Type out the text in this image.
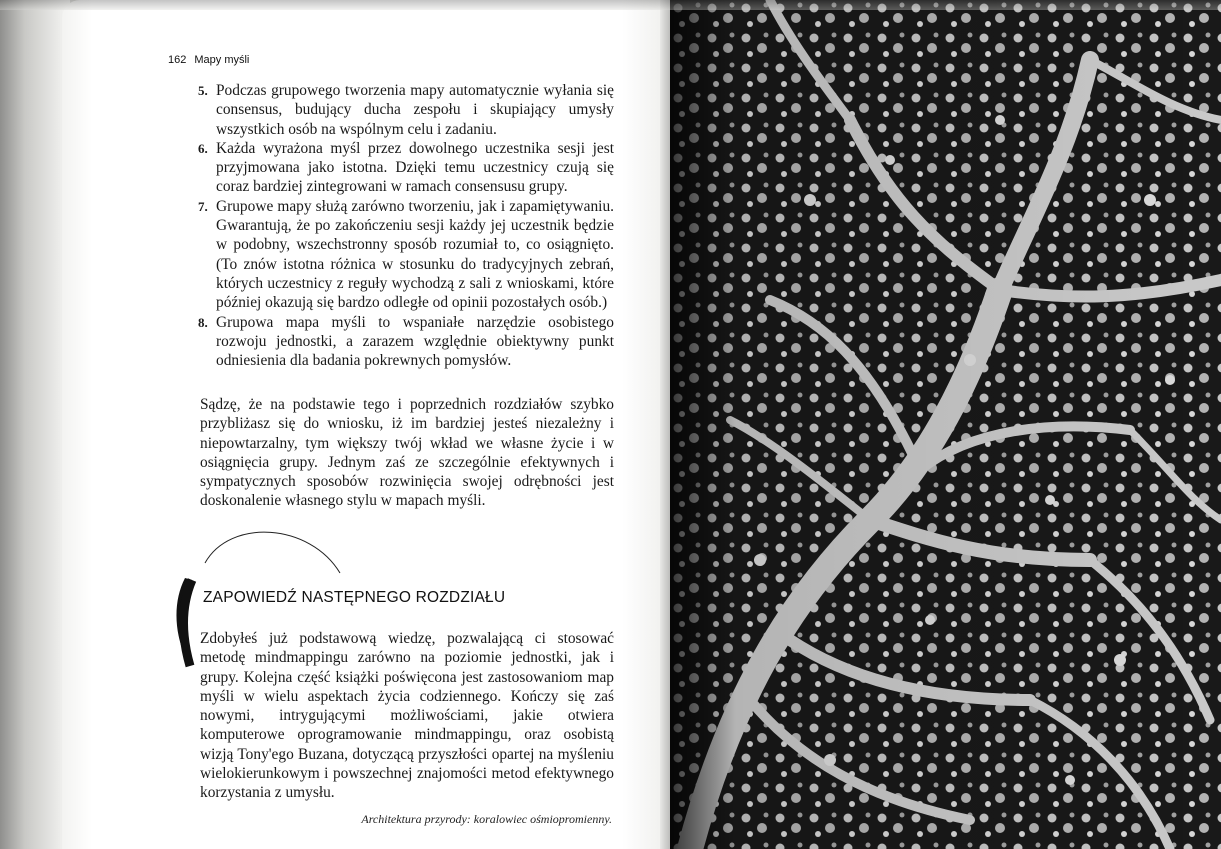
162 Mapy myśli

5. Podczas grupowego tworzenia mapy automatycznie wyłania się consensus, budujący ducha zespołu i skupiający umysły wszystkich osób na wspólnym celu i zadaniu.
6. Każda wyrażona myśl przez dowolnego uczestnika sesji jest przyjmowana jako istotna. Dzięki temu uczestnicy czują się coraz bardziej zintegrowani w ramach consensusu grupy.
7. Grupowe mapy służą zarówno tworzeniu, jak i zapamiętywaniu. Gwarantują, że po zakończeniu sesji każdy jej uczestnik będzie w podobny, wszechstronny sposób rozumiał to, co osiągnięto. (To znów istotna różnica w stosunku do tradycyjnych zebrań, których uczestnicy z reguły wychodzą z sali z wnioskami, które później okazują się bardzo odległe od opinii pozostałych osób.)
8. Grupowa mapa myśli to wspaniałe narzędzie osobistego rozwoju jednostki, a zarazem względnie obiektywny punkt odniesienia dla badania pokrewnych pomysłów.

Sądzę, że na podstawie tego i poprzednich rozdziałów szybko przybliżasz się do wniosku, iż im bardziej jesteś niezależny i niepowtarzalny, tym większy twój wkład we własne życie i w osiągnięcia grupy. Jednym zaś ze szczególnie efektywnych i sympatycznych sposobów rozwinięcia swojej odrębności jest doskonalenie własnego stylu w mapach myśli.

ZAPOWIEDŹ NASTĘPNEGO ROZDZIAŁU

Zdobyłeś już podstawową wiedzę, pozwalającą ci stosować metodę mindmappingu zarówno na poziomie jednostki, jak i grupy. Kolejna część książki poświęcona jest zastosowaniom map myśli w wielu aspektach życia codziennego. Kończy się zaś nowymi, intrygującymi możliwościami, jakie otwiera komputerowe oprogramowanie mindmappingu, oraz osobistą wizją Tony'ego Buzana, dotyczącą przyszłości opartej na myśleniu wielokierunkowym i powszechnej znajomości metod efektywnego korzystania z umysłu.

Architektura przyrody: koralowiec ośmiopromienny.
